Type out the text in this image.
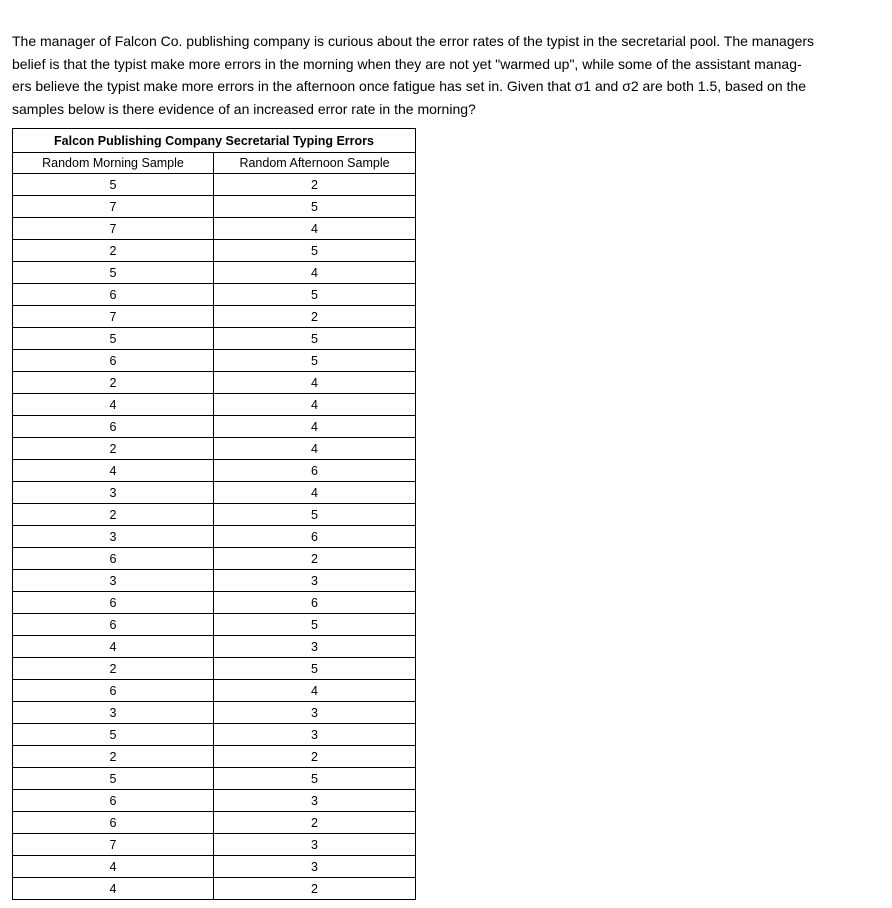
The manager of Falcon Co. publishing company is curious about the error rates of the typist in the secretarial pool. The managers
belief is that the typist make more errors in the morning when they are not yet "warmed up", while some of the assistant manag-
ers believe the typist make more errors in the afternoon once fatigue has set in. Given that σ1 and σ2 are both 1.5, based on the
samples below is there evidence of an increased error rate in the morning?
Falcon Publishing Company Secretarial Typing Errors	
Random Morning Sample	Random Afternoon Sample
5	2
7	5
7	4
2	5
5	4
6	5
7	2
5	5
6	5
2	4
4	4
6	4
2	4
4	6
3	4
2	5
3	6
6	2
3	3
6	6
6	5
4	3
2	5
6	4
3	3
5	3
2	2
5	5
6	3
6	2
7	3
4	3
4	2
